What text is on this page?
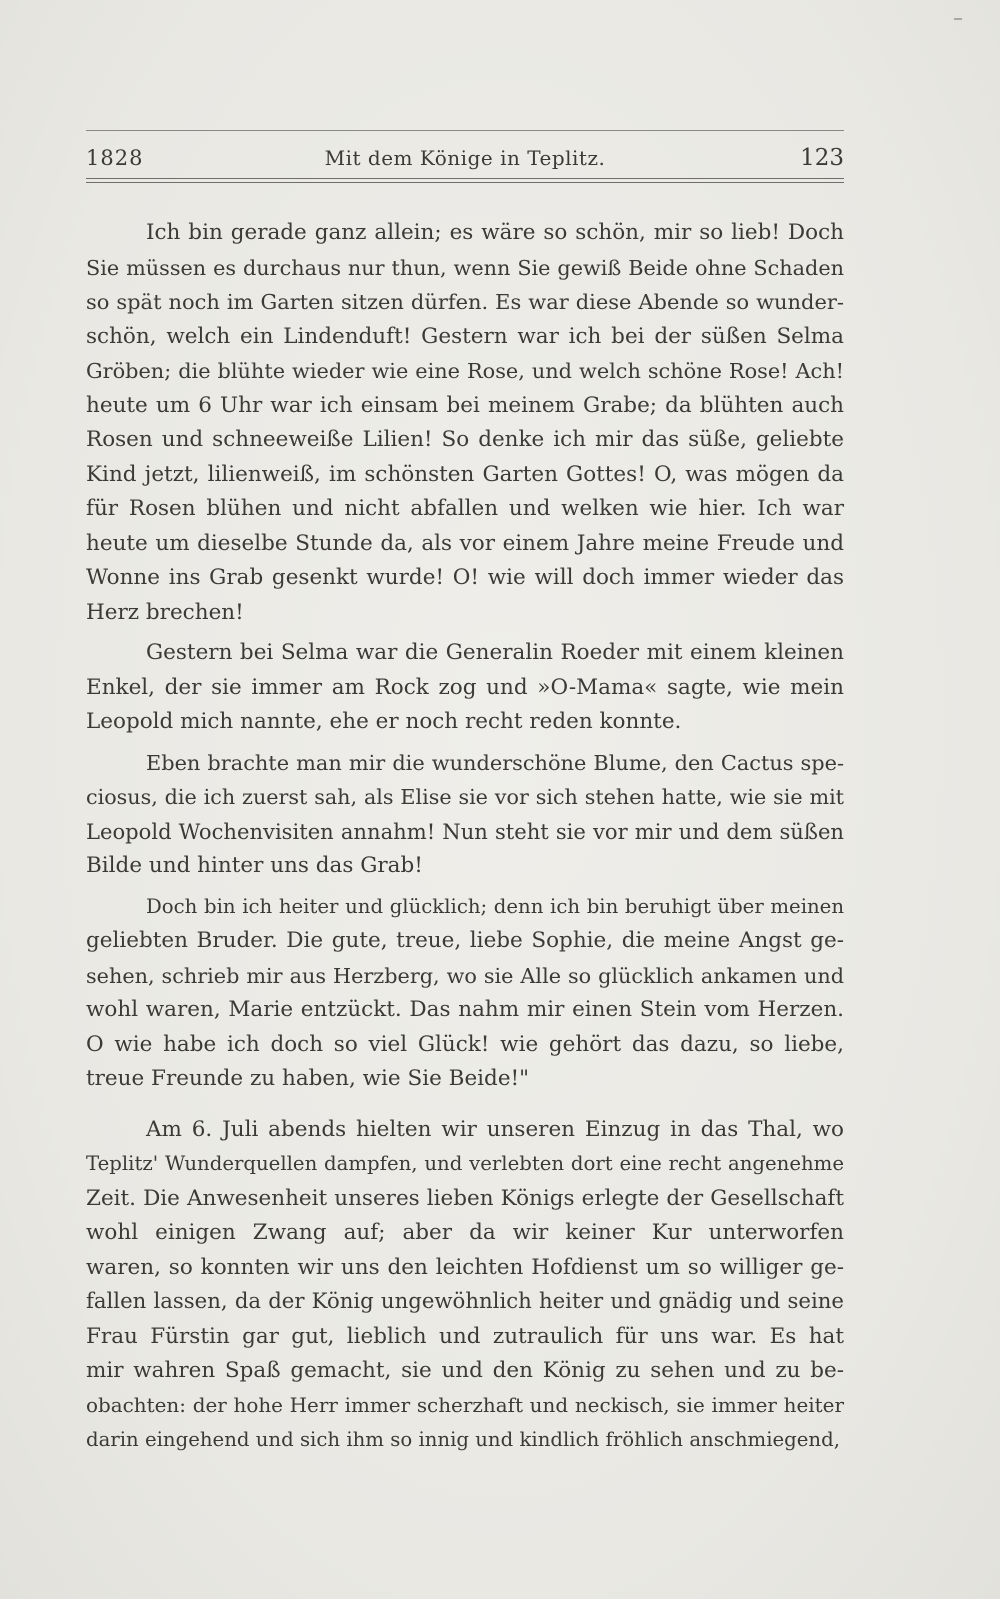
1828	Mit dem Könige in Teplitz.	123
Ich bin gerade ganz allein; es wäre so schön, mir so lieb! Doch
Sie müssen es durchaus nur thun, wenn Sie gewiß Beide ohne Schaden
so spät noch im Garten sitzen dürfen. Es war diese Abende so wunder-
schön, welch ein Lindenduft! Gestern war ich bei der süßen Selma
Gröben; die blühte wieder wie eine Rose, und welch schöne Rose! Ach!
heute um 6 Uhr war ich einsam bei meinem Grabe; da blühten auch
Rosen und schneeweiße Lilien! So denke ich mir das süße, geliebte
Kind jetzt, lilienweiß, im schönsten Garten Gottes! O, was mögen da
für Rosen blühen und nicht abfallen und welken wie hier. Ich war
heute um dieselbe Stunde da, als vor einem Jahre meine Freude und
Wonne ins Grab gesenkt wurde! O! wie will doch immer wieder das
Herz brechen!
Gestern bei Selma war die Generalin Roeder mit einem kleinen
Enkel, der sie immer am Rock zog und »O-Mama« sagte, wie mein
Leopold mich nannte, ehe er noch recht reden konnte.
Eben brachte man mir die wunderschöne Blume, den Cactus spe-
ciosus, die ich zuerst sah, als Elise sie vor sich stehen hatte, wie sie mit
Leopold Wochenvisiten annahm! Nun steht sie vor mir und dem süßen
Bilde und hinter uns das Grab!
Doch bin ich heiter und glücklich; denn ich bin beruhigt über meinen
geliebten Bruder. Die gute, treue, liebe Sophie, die meine Angst ge-
sehen, schrieb mir aus Herzberg, wo sie Alle so glücklich ankamen und
wohl waren, Marie entzückt. Das nahm mir einen Stein vom Herzen.
O wie habe ich doch so viel Glück! wie gehört das dazu, so liebe,
treue Freunde zu haben, wie Sie Beide!"
Am 6. Juli abends hielten wir unseren Einzug in das Thal, wo
Teplitz' Wunderquellen dampfen, und verlebten dort eine recht angenehme
Zeit. Die Anwesenheit unseres lieben Königs erlegte der Gesellschaft
wohl einigen Zwang auf; aber da wir keiner Kur unterworfen
waren, so konnten wir uns den leichten Hofdienst um so williger ge-
fallen lassen, da der König ungewöhnlich heiter und gnädig und seine
Frau Fürstin gar gut, lieblich und zutraulich für uns war. Es hat
mir wahren Spaß gemacht, sie und den König zu sehen und zu be-
obachten: der hohe Herr immer scherzhaft und neckisch, sie immer heiter
darin eingehend und sich ihm so innig und kindlich fröhlich anschmiegend,
